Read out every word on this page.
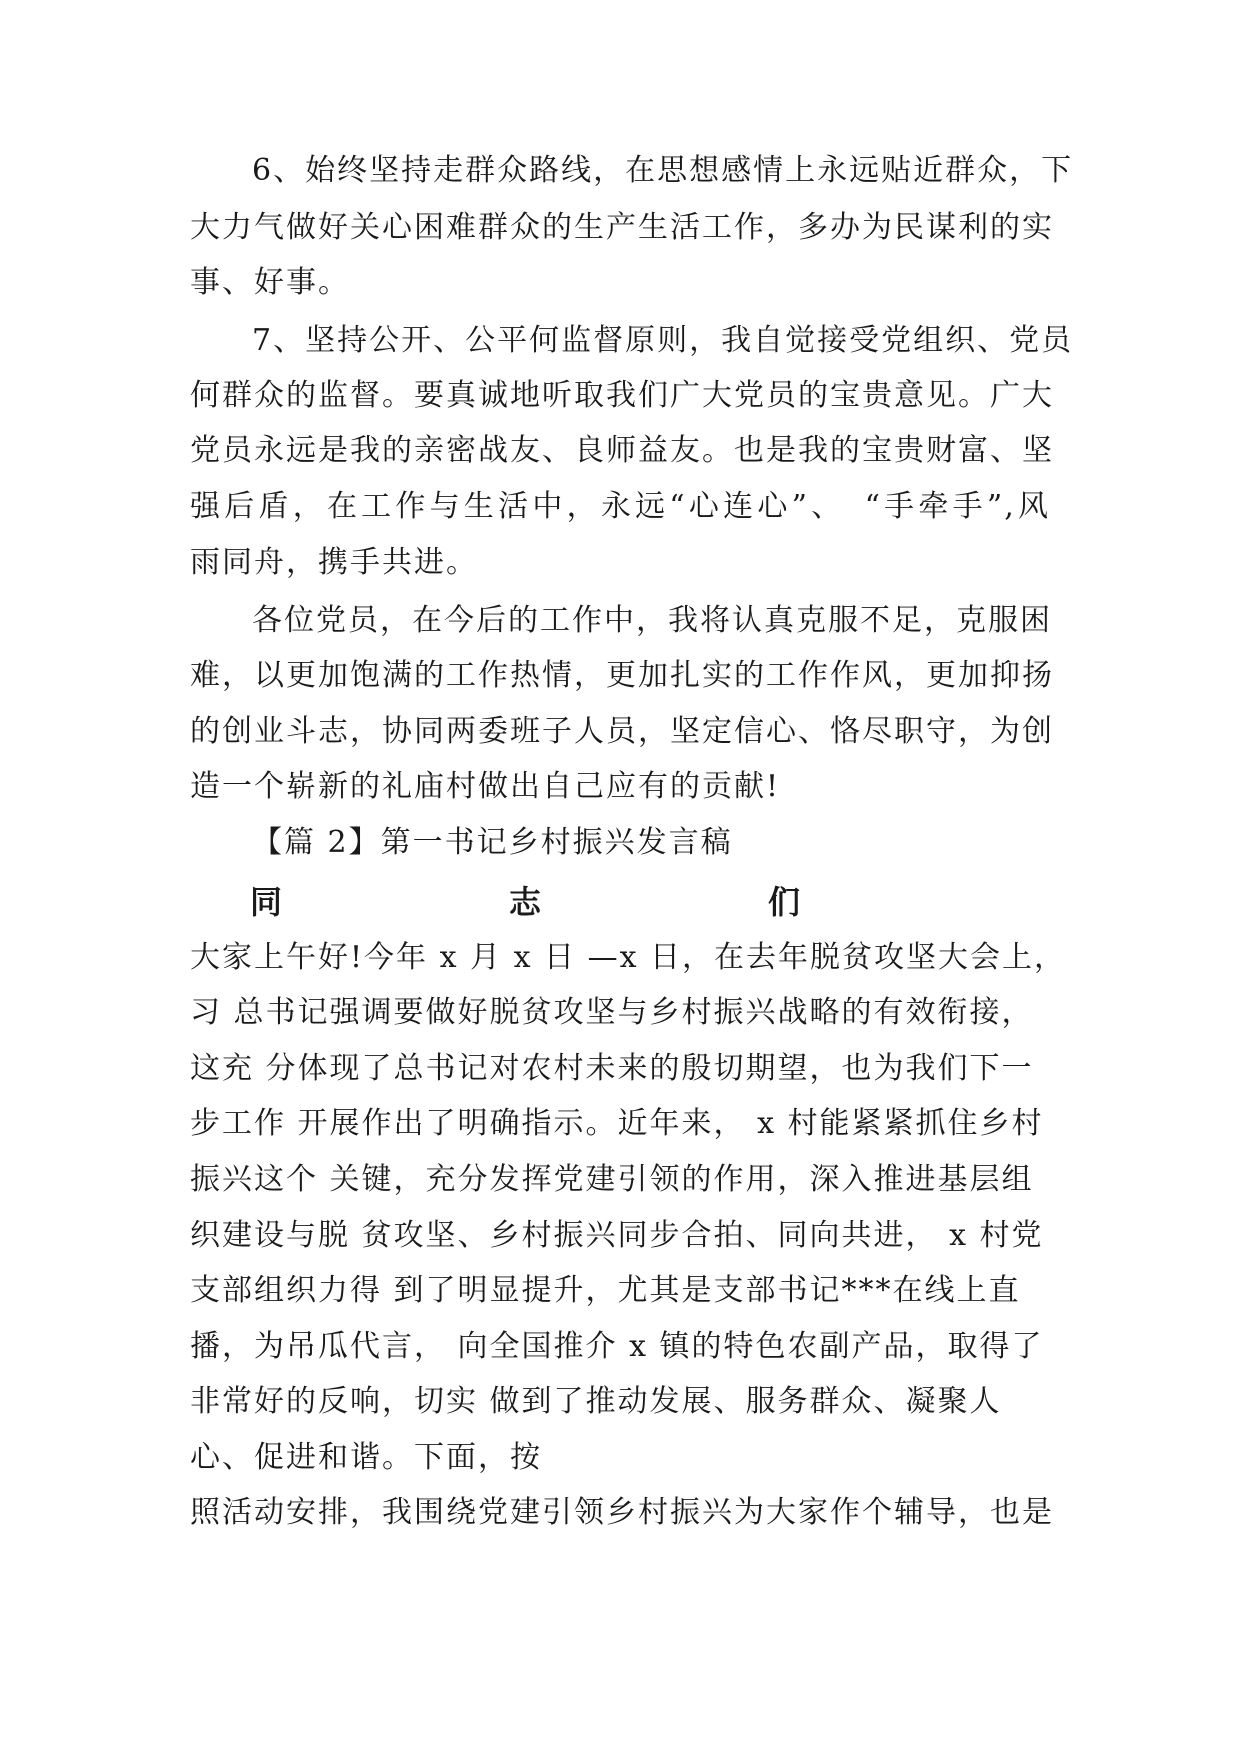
6、始终坚持走群众路线，在思想感情上永远贴近群众，下
大力气做好关心困难群众的生产生活工作，多办为民谋利的实
事、好事。
7、坚持公开、公平何监督原则，我自觉接受党组织、党员
何群众的监督。要真诚地听取我们广大党员的宝贵意见。广大
党员永远是我的亲密战友、良师益友。也是我的宝贵财富、坚
强后盾，在工作与生活中，永远“心连心”、　“手牵手”,风
雨同舟，携手共进。
各位党员，在今后的工作中，我将认真克服不足，克服困
难，以更加饱满的工作热情，更加扎实的工作作风，更加抑扬
的创业斗志，协同两委班子人员，坚定信心、恪尽职守，为创
造一个崭新的礼庙村做出自己应有的贡献!
【篇 2】第一书记乡村振兴发言稿
同	志	们
大家上午好!今年 x 月 x 日 —x 日，在去年脱贫攻坚大会上，
习 总书记强调要做好脱贫攻坚与乡村振兴战略的有效衔接，
这充 分体现了总书记对农村未来的殷切期望，也为我们下一
步工作 开展作出了明确指示。近年来， x 村能紧紧抓住乡村
振兴这个 关键，充分发挥党建引领的作用，深入推进基层组
织建设与脱 贫攻坚、乡村振兴同步合拍、同向共进， x 村党
支部组织力得 到了明显提升，尤其是支部书记***在线上直
播，为吊瓜代言， 向全国推介 x 镇的特色农副产品，取得了
非常好的反响，切实 做到了推动发展、服务群众、凝聚人
心、促进和谐。下面，按
照活动安排，我围绕党建引领乡村振兴为大家作个辅导，也是
